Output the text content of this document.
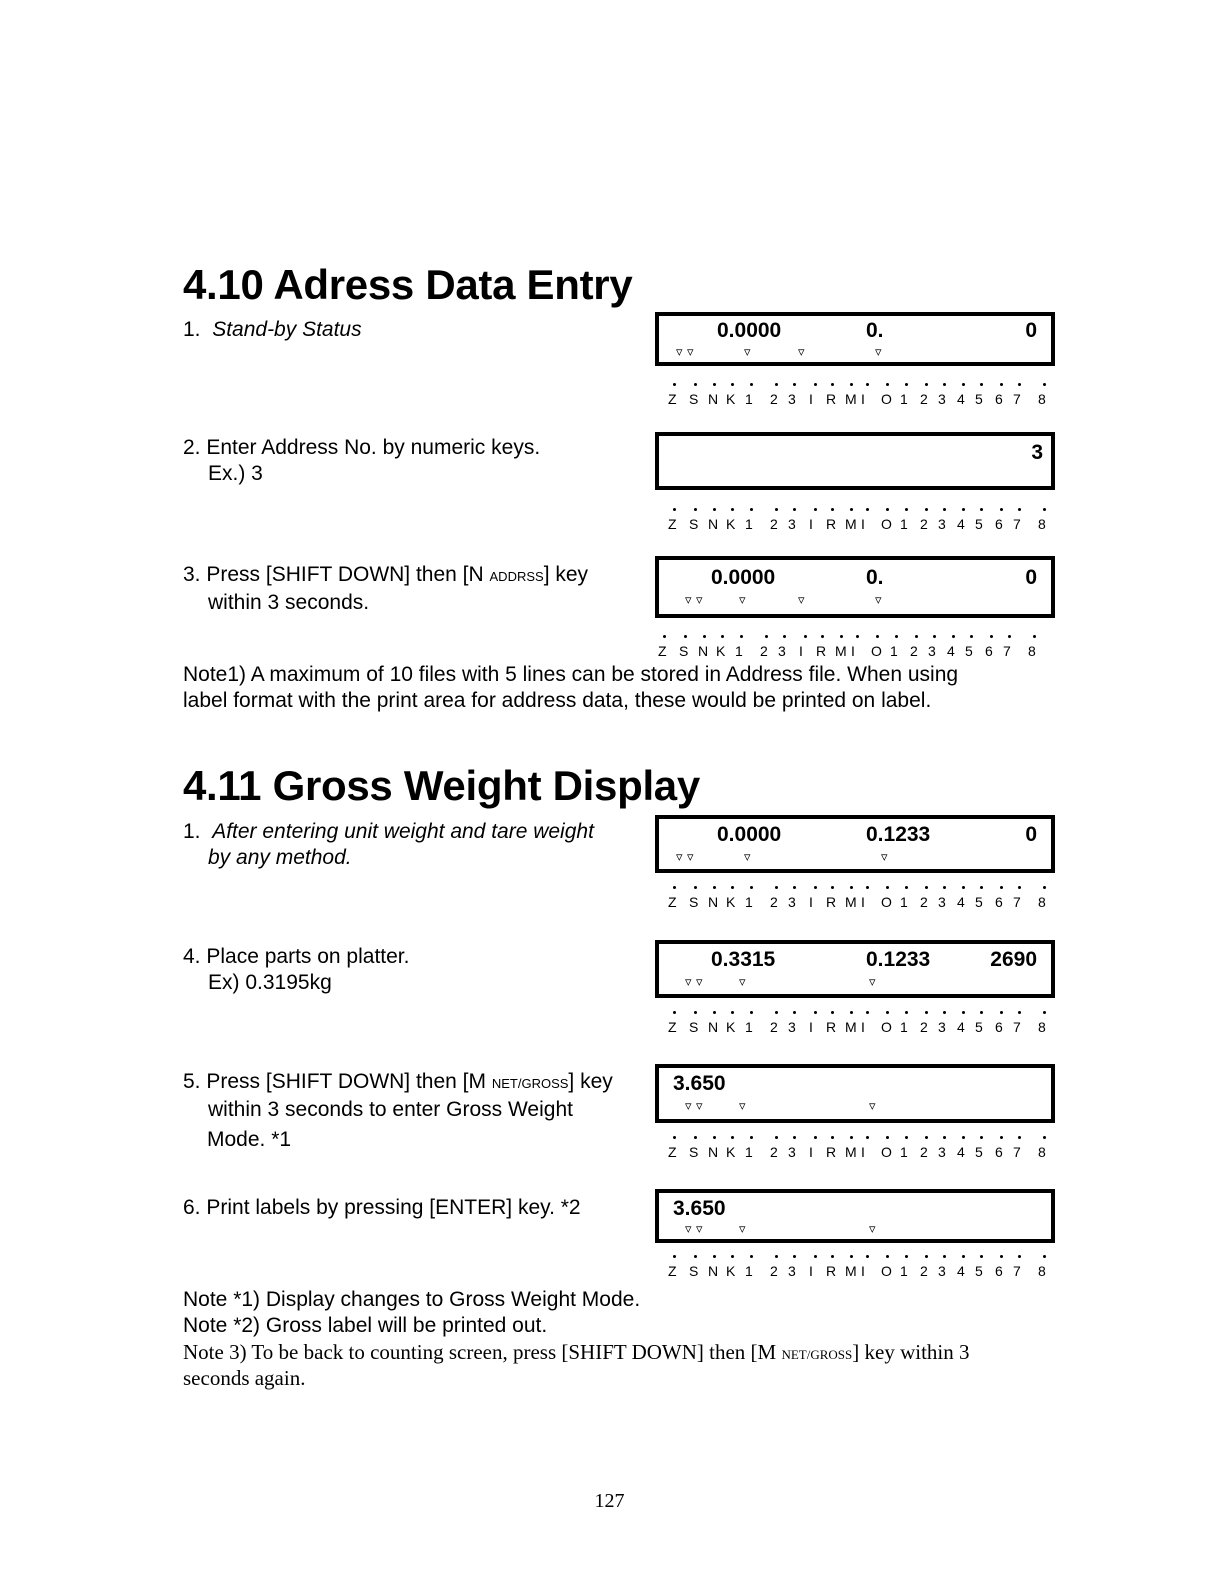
4.10 Adress Data Entry
1. Stand-by Status	0.0000	0.	0
▿ ▿	▿	▿	▿
Z S N K 1 2 3 I R M I O 1 2 3 4 5 6 7 8
2. Enter Address No. by numeric keys.
Ex.) 3
3
Z S N K 1 2 3 I R M I O 1 2 3 4 5 6 7 8
3. Press [SHIFT DOWN] then [N ADDRSS] key
within 3 seconds.
0.0000	0.	0
▿ ▿	▿	▿	▿
Z S N K 1 2 3 I R M I O 1 2 3 4 5 6 7 8
Note1) A maximum of 10 files with 5 lines can be stored in Address file. When using
label format with the print area for address data, these would be printed on label.
4.11 Gross Weight Display
1. After entering unit weight and tare weight
by any method.
0.0000	0.1233	0
▿ ▿	▿	▿
Z S N K 1 2 3 I R M I O 1 2 3 4 5 6 7 8
4. Place parts on platter.
Ex) 0.3195kg
0.3315	0.1233	2690
▿ ▿	▿	▿
Z S N K 1 2 3 I R M I O 1 2 3 4 5 6 7 8
5. Press [SHIFT DOWN] then [M NET/GROSS] key
within 3 seconds to enter Gross Weight
Mode. *1
3.650
▿ ▿	▿	▿
Z S N K 1 2 3 I R M I O 1 2 3 4 5 6 7 8
6. Print labels by pressing [ENTER] key. *2	3.650
▿ ▿	▿	▿
Z S N K 1 2 3 I R M I O 1 2 3 4 5 6 7 8
Note *1) Display changes to Gross Weight Mode.
Note *2) Gross label will be printed out.
Note 3) To be back to counting screen, press [SHIFT DOWN] then [M NET/GROSS] key within 3
seconds again.
127
